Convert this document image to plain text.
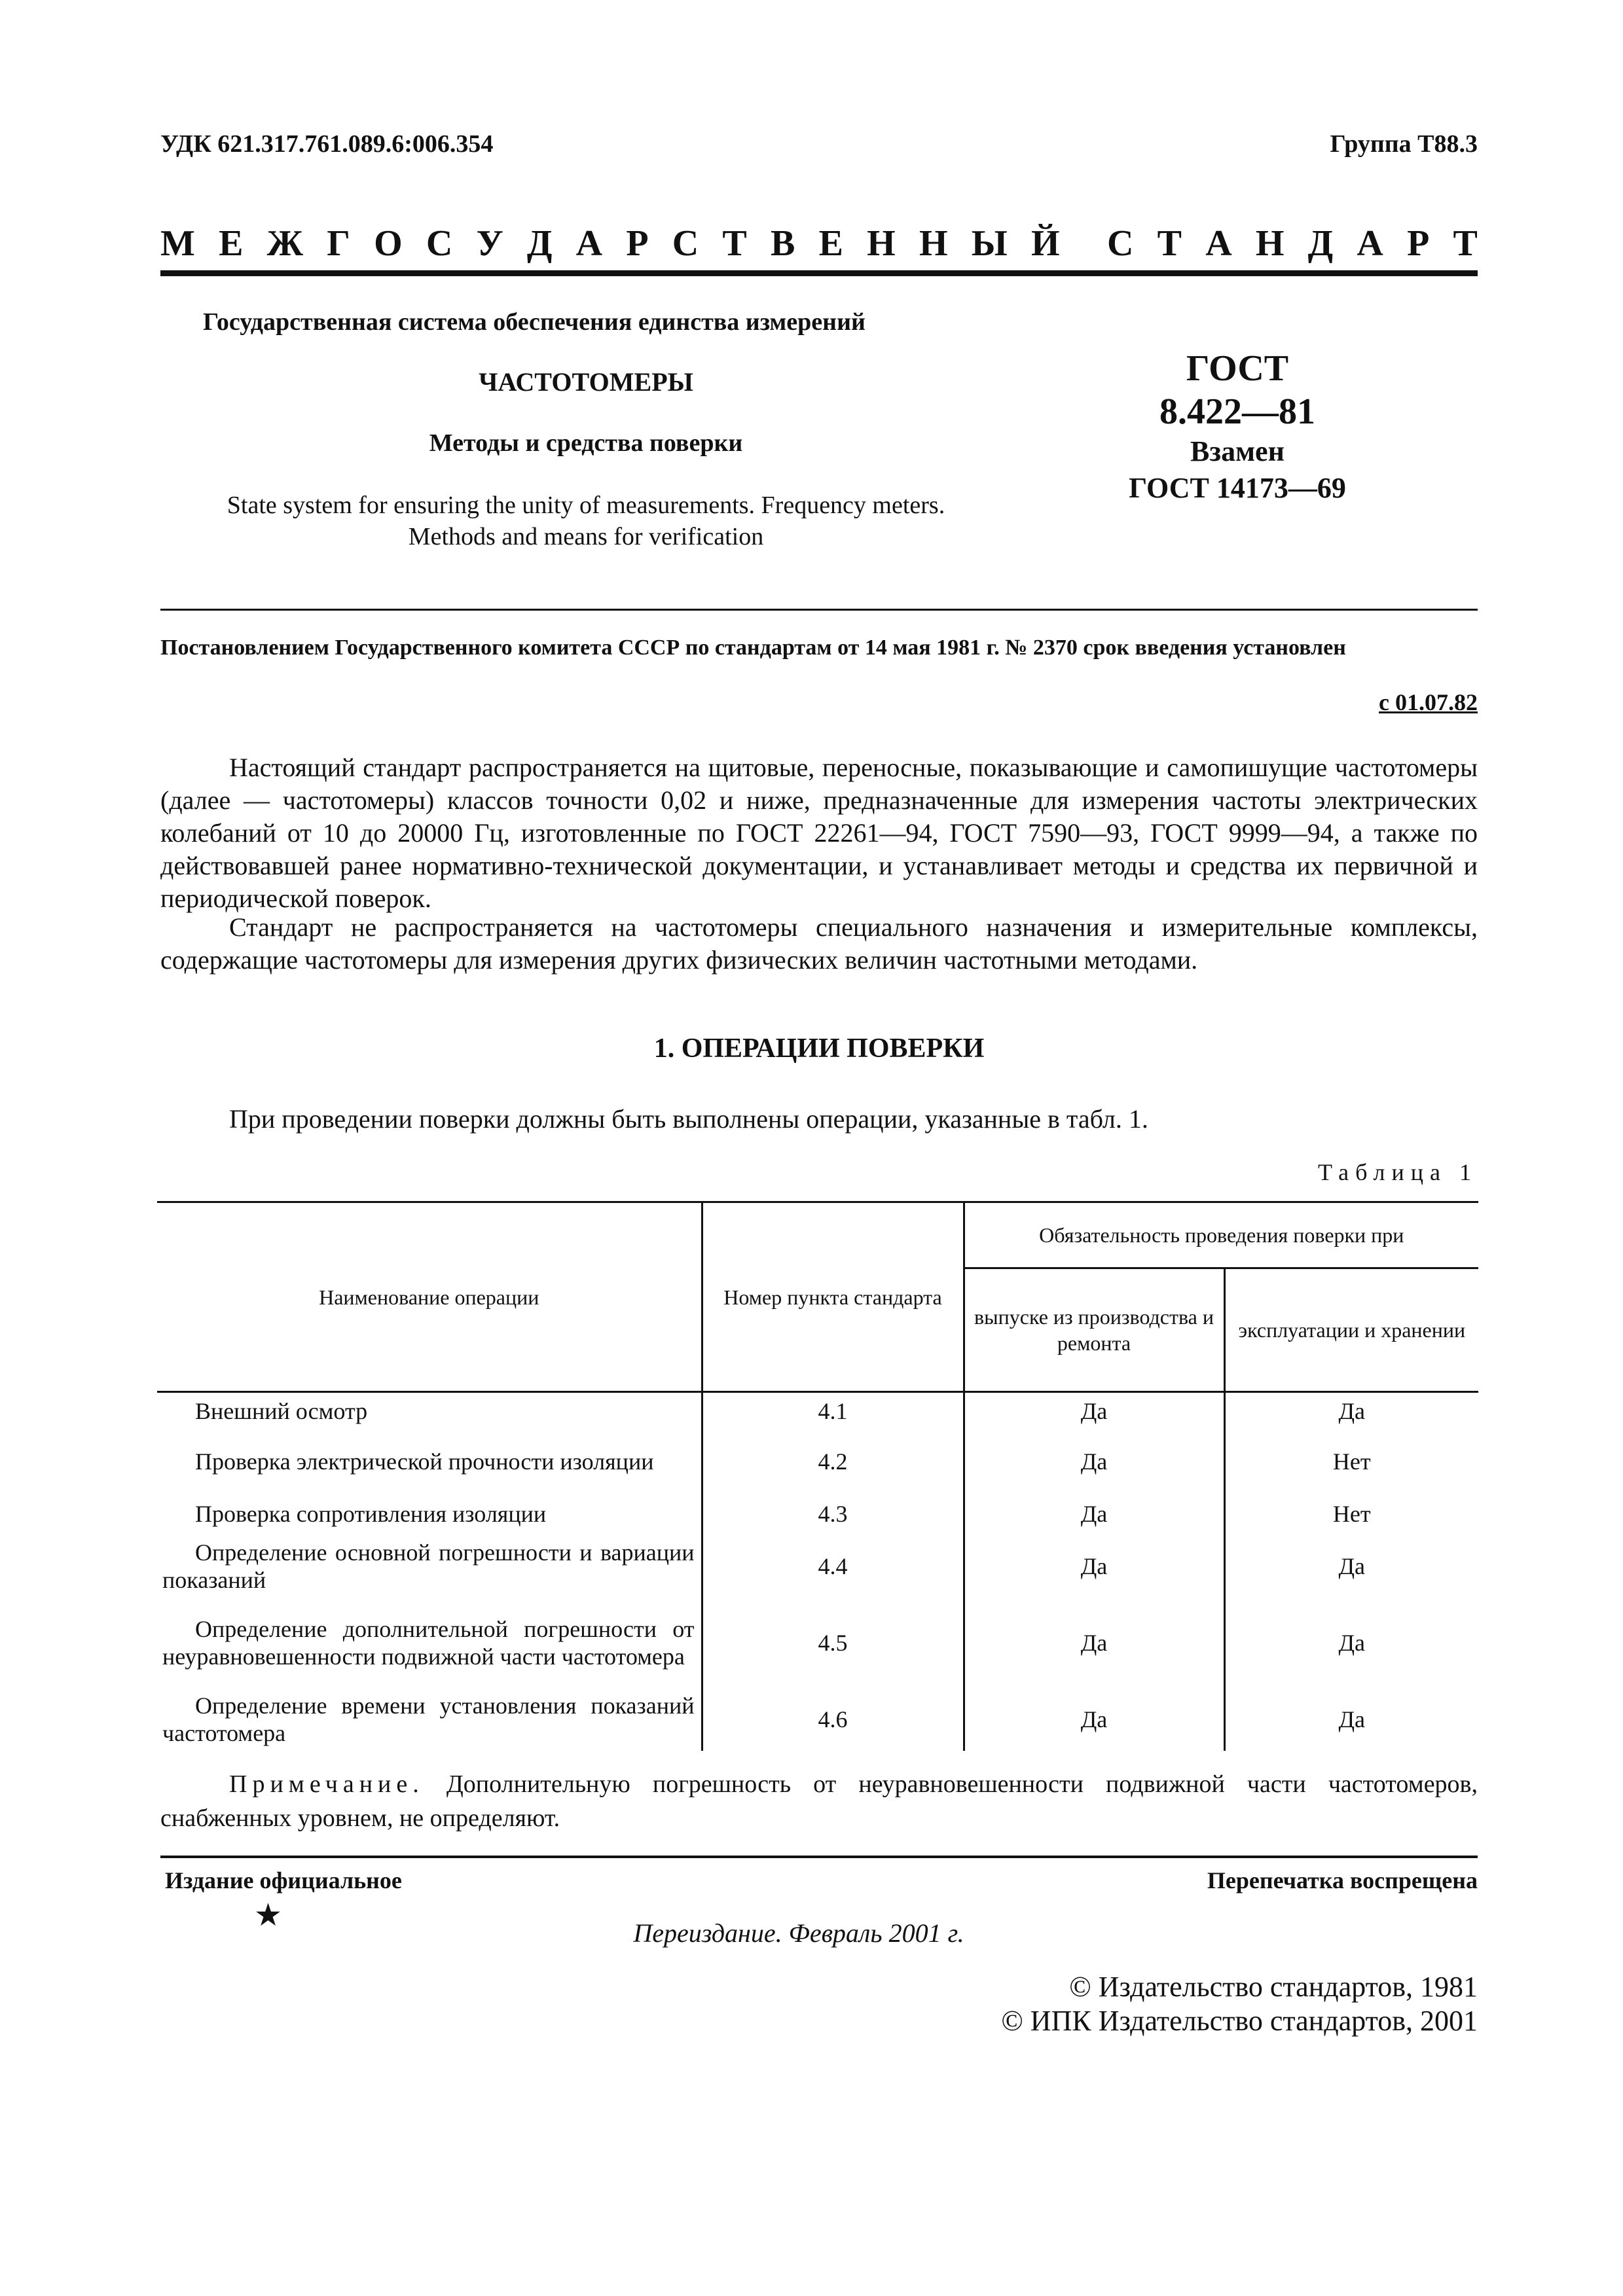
УДК 621.317.761.089.6:006.354	Группа Т88.3
М Е Ж Г О С У Д А Р С Т В Е Н Н Ы Й С Т А Н Д А Р Т
Государственная система обеспечения единства измерений
ЧАСТОТОМЕРЫ
Методы и средства поверки
State system for ensuring the unity of measurements. Frequency meters.
Methods and means for verification
ГОСТ
8.422—81
Взамен
ГОСТ 14173—69
Постановлением Государственного комитета СССР по стандартам от 14 мая 1981 г. № 2370 срок введения установлен
с 01.07.82
Настоящий стандарт распространяется на щитовые, переносные, показывающие и самопишущие частотомеры (далее — частотомеры) классов точности 0,02 и ниже, предназначенные для измерения частоты электрических колебаний от 10 до 20000 Гц, изготовленные по ГОСТ 22261—94, ГОСТ 7590—93, ГОСТ 9999—94, а также по действовавшей ранее нормативно-технической документации, и устанавливает методы и средства их первичной и периодической поверок.
Стандарт не распространяется на частотомеры специального назначения и измерительные комплексы, содержащие частотомеры для измерения других физических величин частотными методами.
1. ОПЕРАЦИИ ПОВЕРКИ
При проведении поверки должны быть выполнены операции, указанные в табл. 1.
Таблица 1
Наименование операции	Номер пункта стандарта	Обязательность проведения поверки при	
		выпуске из производства и ремонта	эксплуатации и хранении
Внешний осмотр	4.1	Да	Да
Проверка электрической прочности изоляции	4.2	Да	Нет
Проверка сопротивления изоляции	4.3	Да	Нет
Определение основной погрешности и вариации показаний	4.4	Да	Да
Определение дополнительной погрешности от неуравновешенности подвижной части частотомера	4.5	Да	Да
Определение времени установления показаний частотомера	4.6	Да	Да
Примечание. Дополнительную погрешность от неуравновешенности подвижной части частотомеров, снабженных уровнем, не определяют.
Издание официальное	Перепечатка воспрещена
★
Переиздание. Февраль 2001 г.
© Издательство стандартов, 1981
© ИПК Издательство стандартов, 2001
